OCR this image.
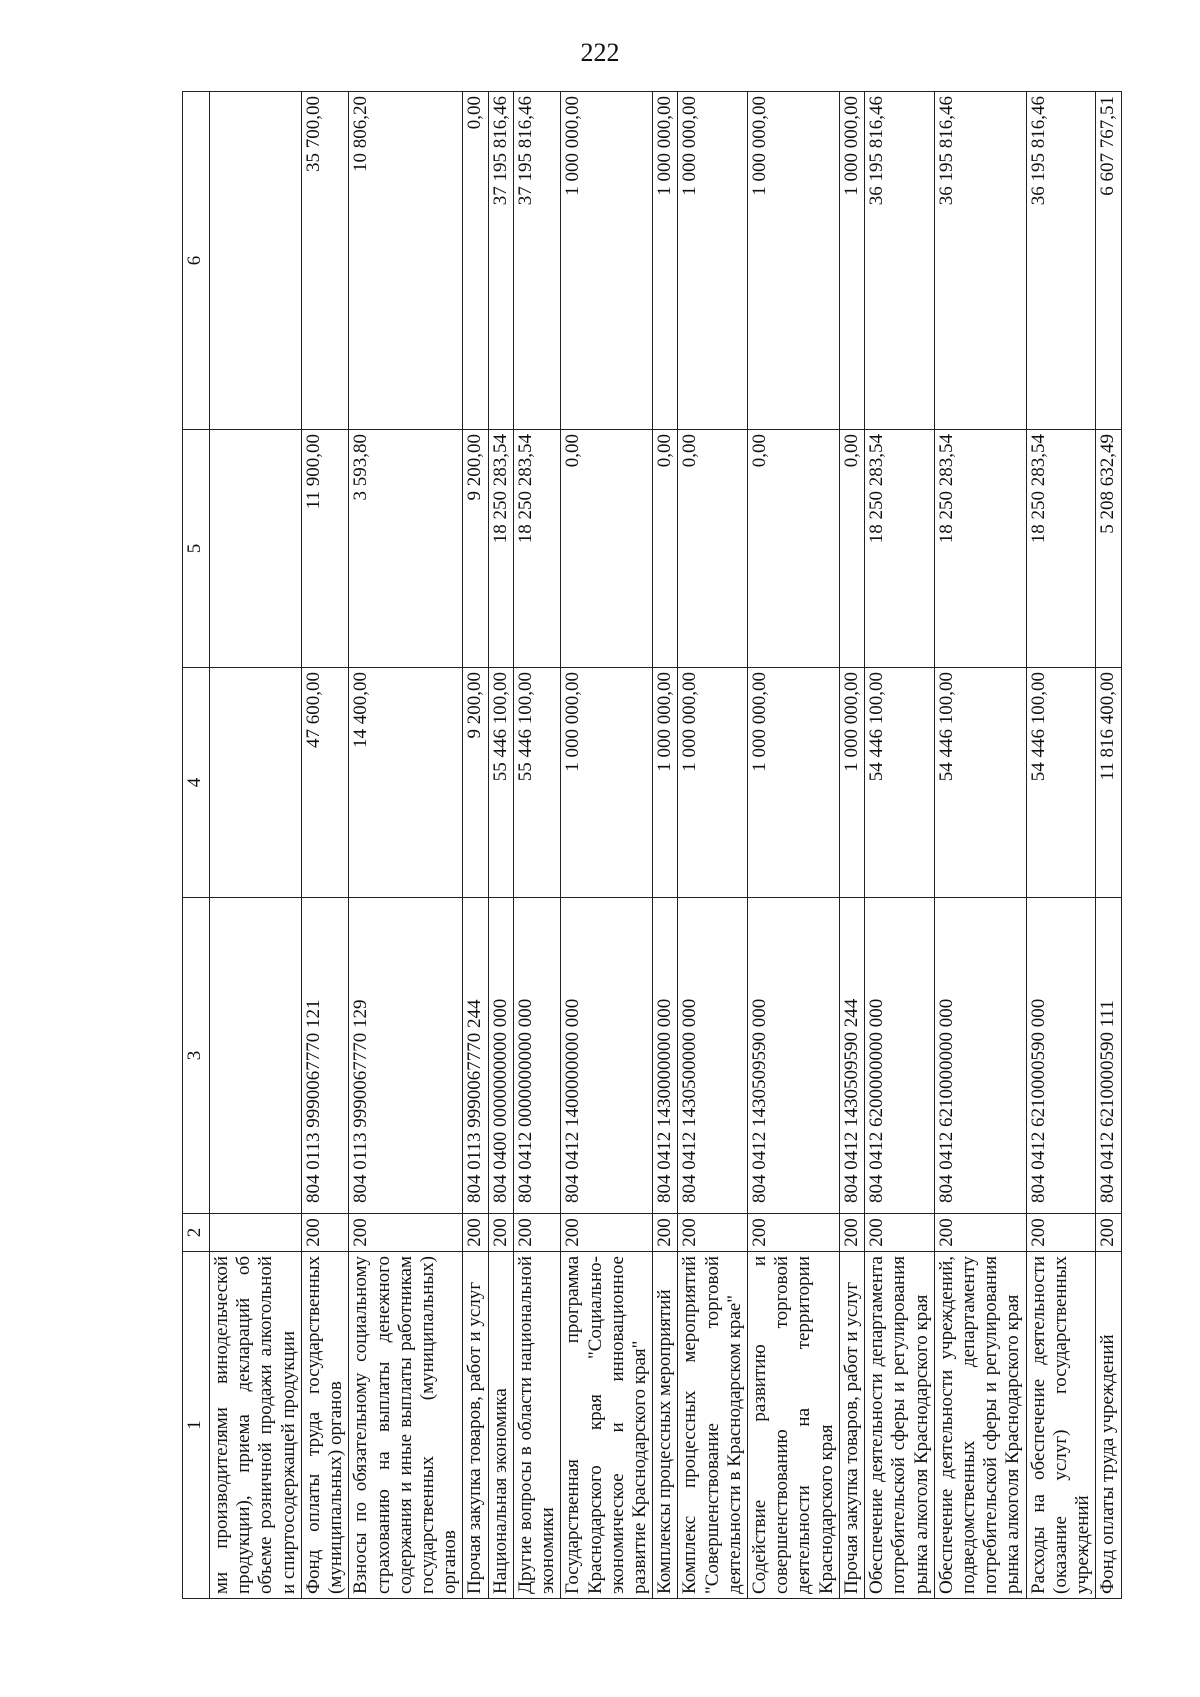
222
1	2	3	4	5	6
ми производителями винодельческой продукции), приема деклараций об объеме розничной продажи алкогольной и спиртосодержащей продукции					
Фонд оплаты труда государственных (муниципальных) органов	200	804 0113 9990067770 121	47 600,00	11 900,00	35 700,00
Взносы по обязательному социальному страхованию на выплаты денежного содержания и иные выплаты работникам государственных (муниципальных) органов	200	804 0113 9990067770 129	14 400,00	3 593,80	10 806,20
Прочая закупка товаров, работ и услуг	200	804 0113 9990067770 244	9 200,00	9 200,00	0,00
Национальная экономика	200	804 0400 0000000000 000	55 446 100,00	18 250 283,54	37 195 816,46
Другие вопросы в области национальной экономики	200	804 0412 0000000000 000	55 446 100,00	18 250 283,54	37 195 816,46
Государственная программа Краснодарского края "Социально-экономическое и инновационное развитие Краснодарского края"	200	804 0412 1400000000 000	1 000 000,00	0,00	1 000 000,00
Комплексы процессных мероприятий	200	804 0412 1430000000 000	1 000 000,00	0,00	1 000 000,00
Комплекс процессных мероприятий "Совершенствование торговой деятельности в Краснодарском крае"	200	804 0412 1430500000 000	1 000 000,00	0,00	1 000 000,00
Содействие развитию и совершенствованию торговой деятельности на территории Краснодарского края	200	804 0412 1430509590 000	1 000 000,00	0,00	1 000 000,00
Прочая закупка товаров, работ и услуг	200	804 0412 1430509590 244	1 000 000,00	0,00	1 000 000,00
Обеспечение деятельности департамента потребительской сферы и регулирования рынка алкоголя Краснодарского края	200	804 0412 6200000000 000	54 446 100,00	18 250 283,54	36 195 816,46
Обеспечение деятельности учреждений, подведомственных департаменту потребительской сферы и регулирования рынка алкоголя Краснодарского края	200	804 0412 6210000000 000	54 446 100,00	18 250 283,54	36 195 816,46
Расходы на обеспечение деятельности (оказание услуг) государственных учреждений	200	804 0412 6210000590 000	54 446 100,00	18 250 283,54	36 195 816,46
Фонд оплаты труда учреждений	200	804 0412 6210000590 111	11 816 400,00	5 208 632,49	6 607 767,51
